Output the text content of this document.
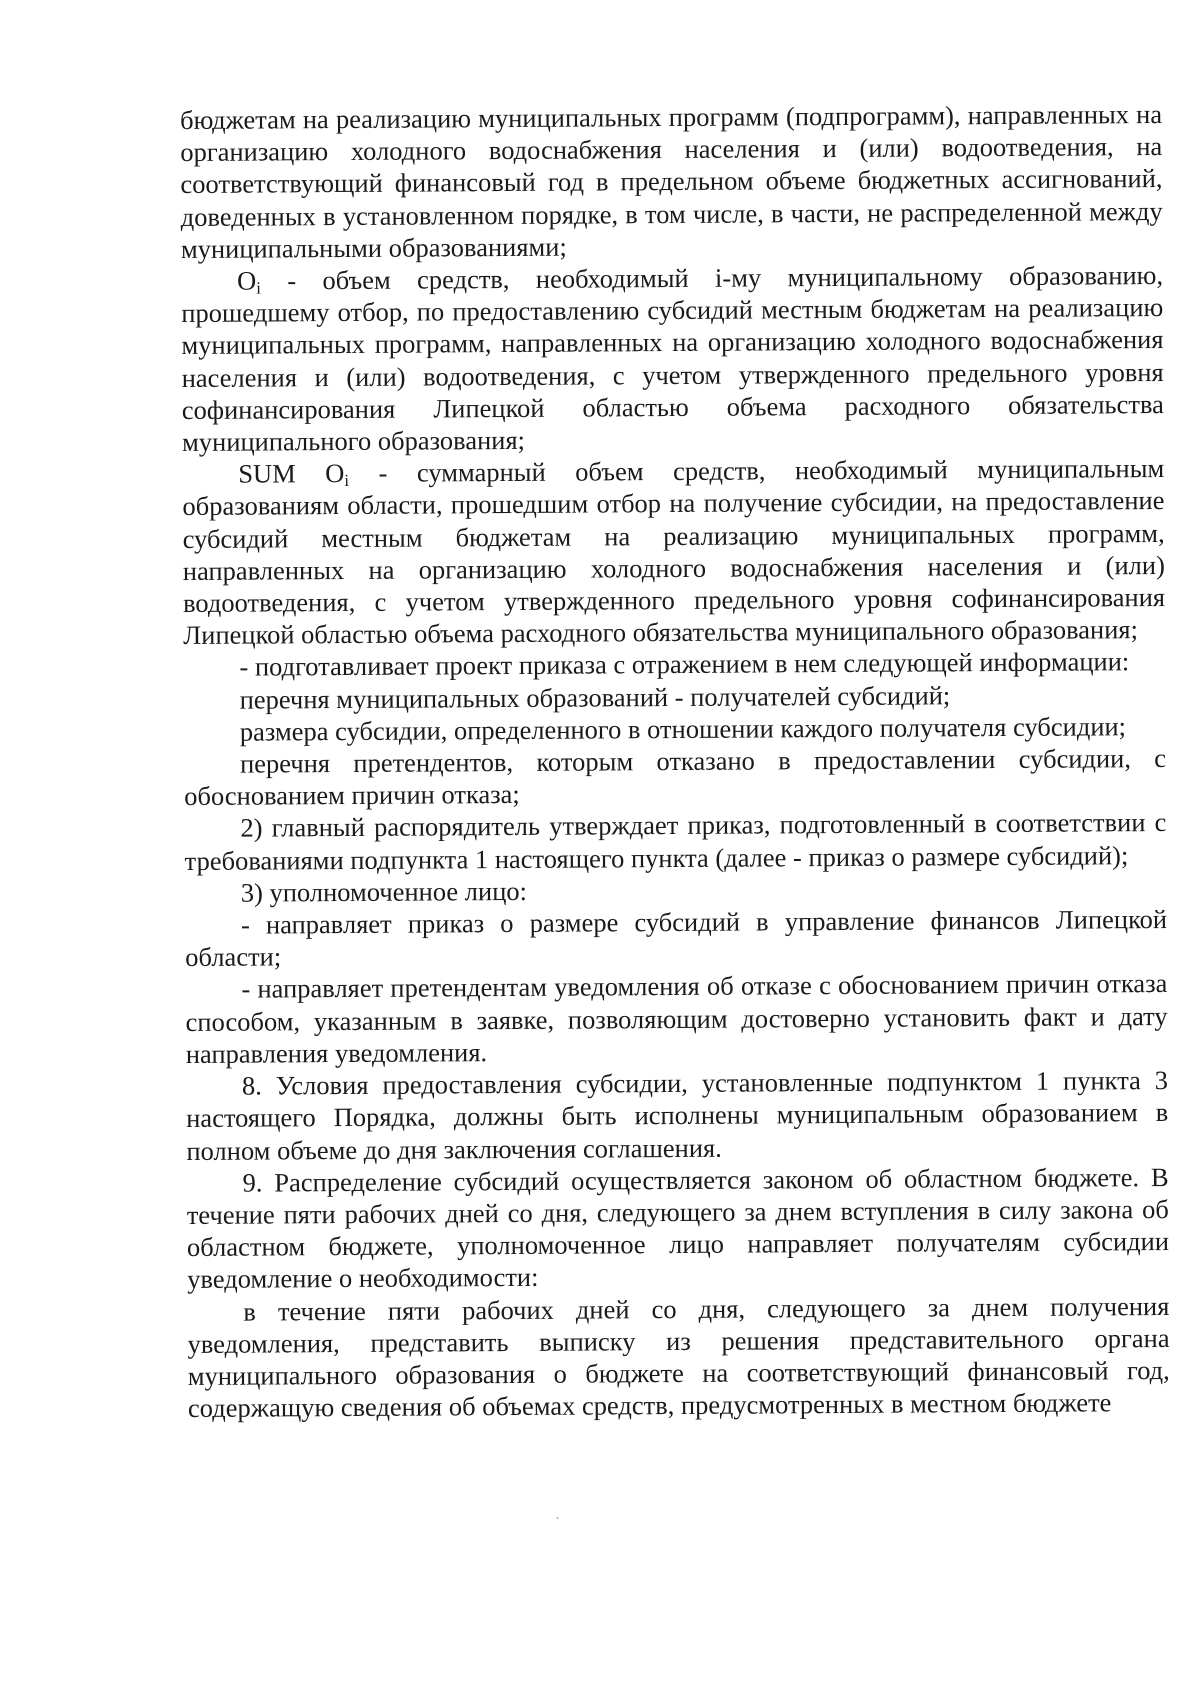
бюджетам на реализацию муниципальных программ (подпрограмм), направленных на организацию холодного водоснабжения населения и (или) водоотведения, на соответствующий финансовый год в предельном объеме бюджетных ассигнований, доведенных в установленном порядке, в том числе, в части, не распределенной между муниципальными образованиями;

$O_i$ - объем средств, необходимый i-му муниципальному образованию, прошедшему отбор, по предоставлению субсидий местным бюджетам на реализацию муниципальных программ, направленных на организацию холодного водоснабжения населения и (или) водоотведения, с учетом утвержденного предельного уровня софинансирования Липецкой областью объема расходного обязательства муниципального образования;

SUM $O_i$ - суммарный объем средств, необходимый муниципальным образованиям области, прошедшим отбор на получение субсидии, на предоставление субсидий местным бюджетам на реализацию муниципальных программ, направленных на организацию холодного водоснабжения населения и (или) водоотведения, с учетом утвержденного предельного уровня софинансирования Липецкой областью объема расходного обязательства муниципального образования;

- подготавливает проект приказа с отражением в нем следующей информации:

перечня муниципальных образований - получателей субсидий;

размера субсидии, определенного в отношении каждого получателя субсидии;

перечня претендентов, которым отказано в предоставлении субсидии, с обоснованием причин отказа;

2) главный распорядитель утверждает приказ, подготовленный в соответствии с требованиями подпункта 1 настоящего пункта (далее - приказ о размере субсидий);

3) уполномоченное лицо:

- направляет приказ о размере субсидий в управление финансов Липецкой области;

- направляет претендентам уведомления об отказе с обоснованием причин отказа способом, указанным в заявке, позволяющим достоверно установить факт и дату направления уведомления.

8. Условия предоставления субсидии, установленные подпунктом 1 пункта 3 настоящего Порядка, должны быть исполнены муниципальным образованием в полном объеме до дня заключения соглашения.

9. Распределение субсидий осуществляется законом об областном бюджете. В течение пяти рабочих дней со дня, следующего за днем вступления в силу закона об областном бюджете, уполномоченное лицо направляет получателям субсидии уведомление о необходимости:

в течение пяти рабочих дней со дня, следующего за днем получения уведомления, представить выписку из решения представительного органа муниципального образования о бюджете на соответствующий финансовый год, содержащую сведения об объемах средств, предусмотренных в местном бюджете
